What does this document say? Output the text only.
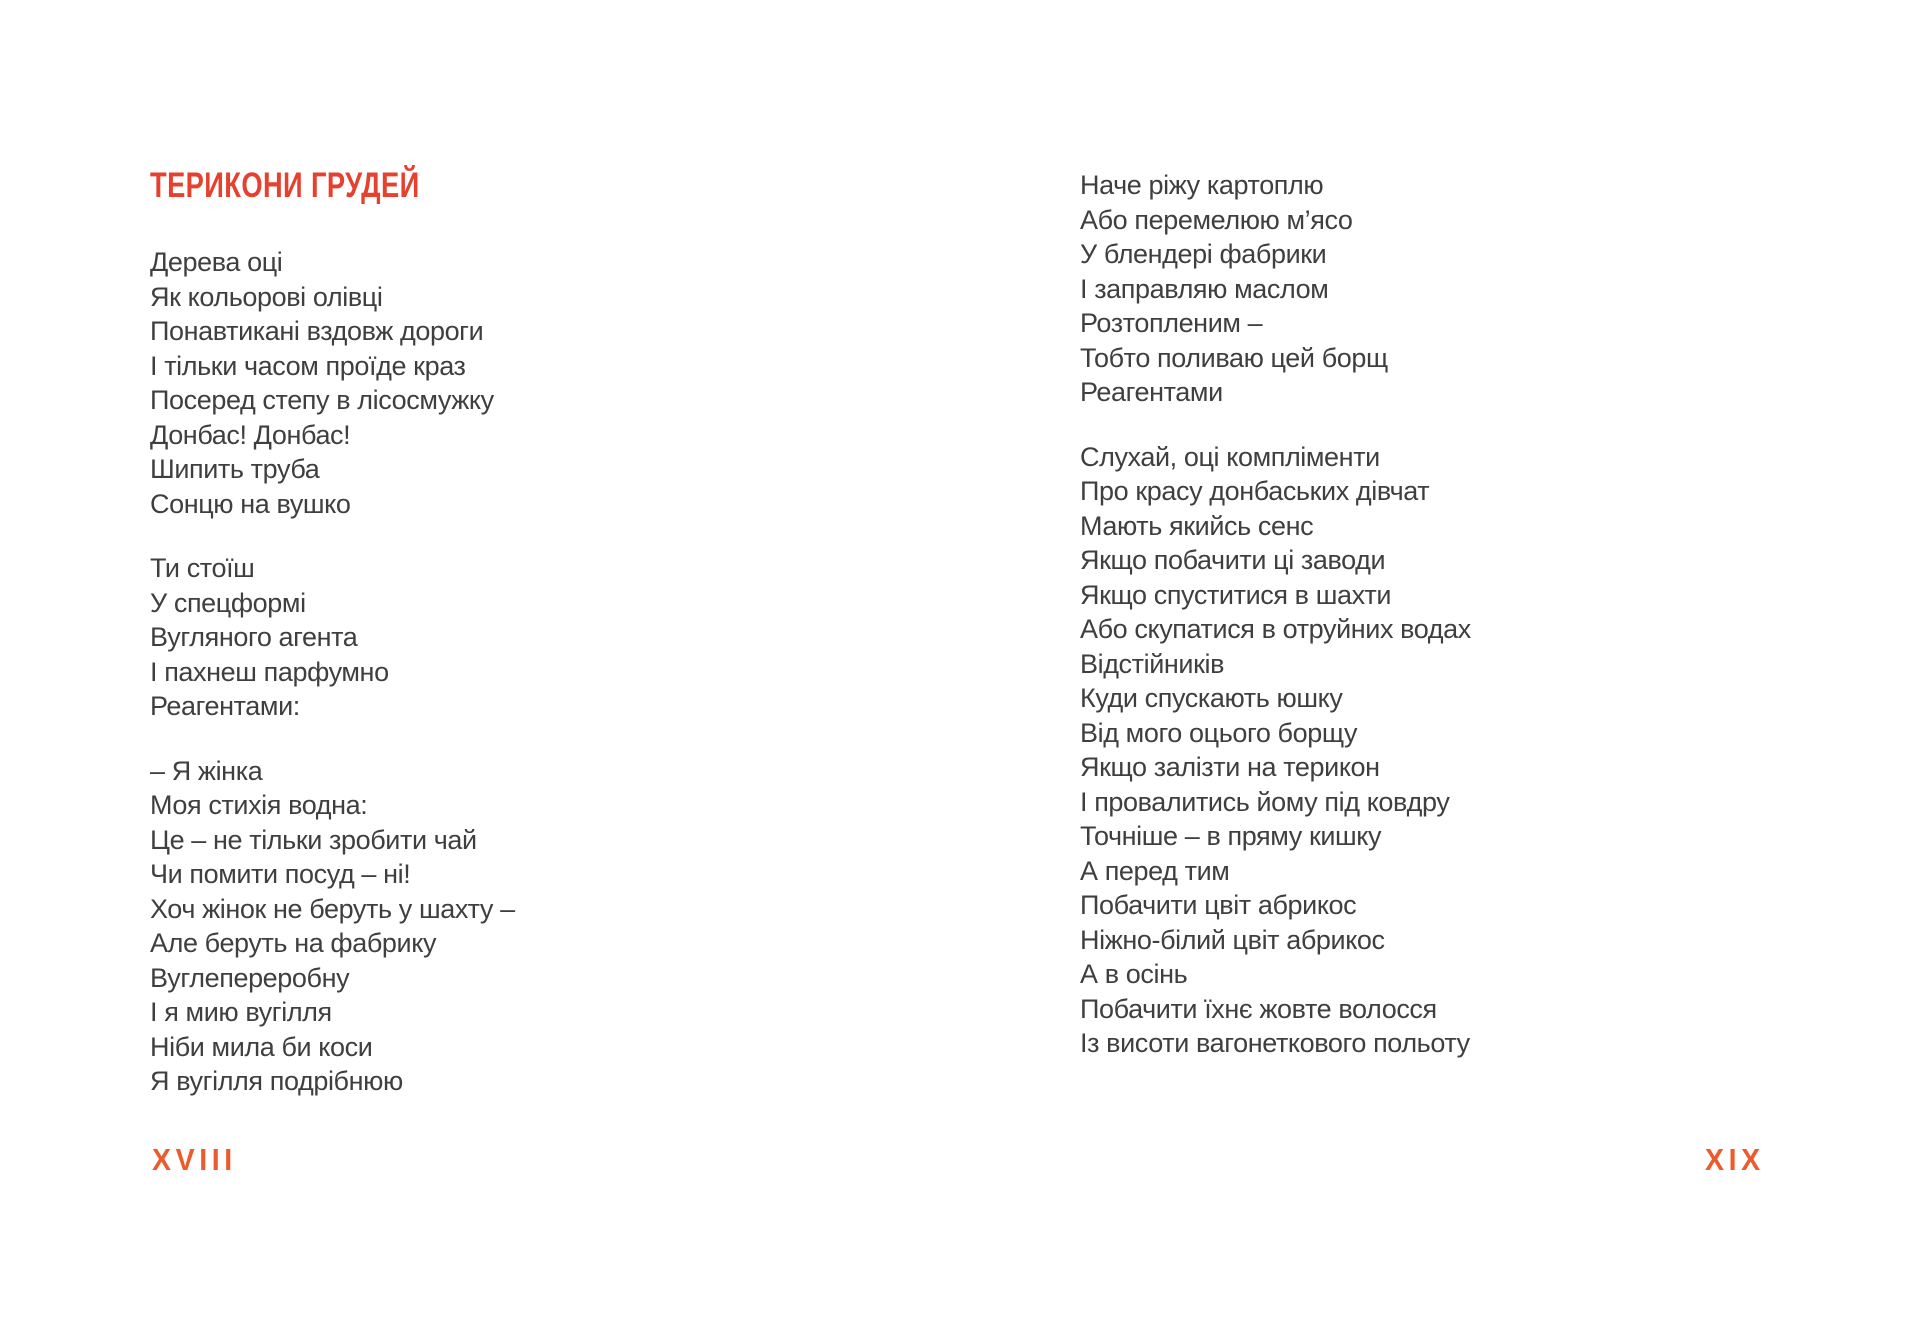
ТЕРИКОНИ ГРУДЕЙ
Дерева оці
Як кольорові олівці
Понавтикані вздовж дороги
І тільки часом проїде краз
Посеред степу в лісосмужку
Донбас! Донбас!
Шипить труба
Сонцю на вушко
Ти стоїш
У спецформі
Вугляного агента
І пахнеш парфумно
Реагентами:
– Я жінка
Моя стихія водна:
Це – не тільки зробити чай
Чи помити посуд – ні!
Хоч жінок не беруть у шахту –
Але беруть на фабрику
Вуглепереробну
І я мию вугілля
Ніби мила би коси
Я вугілля подрібнюю
Наче ріжу картоплю
Або перемелюю м’ясо
У блендері фабрики
І заправляю маслом
Розтопленим –
Тобто поливаю цей борщ
Реагентами
Слухай, оці компліменти
Про красу донбаських дівчат
Мають якийсь сенс
Якщо побачити ці заводи
Якщо спуститися в шахти
Або скупатися в отруйних водах
Відстійників
Куди спускають юшку
Від мого оцього борщу
Якщо залізти на терикон
І провалитись йому під ковдру
Точніше – в пряму кишку
А перед тим
Побачити цвіт абрикос
Ніжно-білий цвіт абрикос
А в осінь
Побачити їхнє жовте волосся
Із висоти вагонеткового польоту
XVIII	XIX
